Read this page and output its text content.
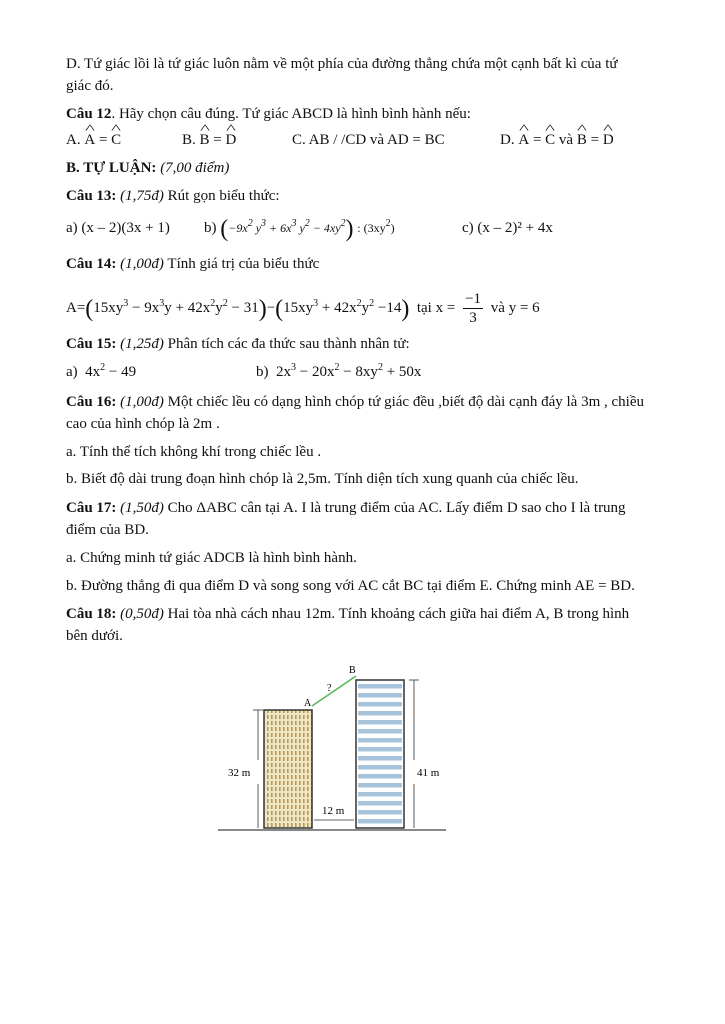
D. Tứ giác lồi là tứ giác luôn nằm về một phía của đường thẳng chứa một cạnh bất kì của tứ
giác đó.
Câu 12. Hãy chọn câu đúng. Tứ giác ABCD là hình bình hành nếu:
A. ^ A = ^ C	B. ^ B = ^ D	C. AB / /CD và AD = BC	D. ^ A = ^ C và ^ B = ^ D
B. TỰ LUẬN: (7,00 điểm)
Câu 13: (1,75đ) Rút gọn biểu thức:
a) (x – 2)(3x + 1) b) ($-9x^2$ $y^3 + 6x^3$ $y^2 - 4xy^2$) : $(3xy^2)$	c) (x – 2)² + 4x
Câu 14: (1,00đ) Tính giá trị của biểu thức
$A=(15xy^3 - 9x^3y + 42x^2y^2 - 31)-(15xy^3 + 42x^2y^2 -14)$ tại $x = \frac{-1}{3}$ và y = 6
Câu 15: (1,25đ) Phân tích các đa thức sau thành nhân tử:
a)  $4x^2 - 49$	b)  $2x^3 - 20x^2 - 8xy^2 + 50x$
Câu 16: (1,00đ) Một chiếc lều có dạng hình chóp tứ giác đều ,biết độ dài cạnh đáy là 3m , chiều
cao của hình chóp là 2m .
a. Tính thể tích không khí trong chiếc lều .
b. Biết độ dài trung đoạn hình chóp là 2,5m. Tính diện tích xung quanh của chiếc lều.
Câu 17: (1,50đ) Cho ΔABC cân tại A. I là trung điểm của AC. Lấy điểm D sao cho I là trung
điểm của BD.
a. Chứng minh tứ giác ADCB là hình bình hành.
b. Đường thẳng đi qua điểm D và song song với AC cắt BC tại điểm E. Chứng minh AE = BD.
Câu 18: (0,50đ) Hai tòa nhà cách nhau 12m. Tính khoảng cách giữa hai điểm A, B trong hình
bên dưới.
A
B
?
32 m	41 m
12 m
